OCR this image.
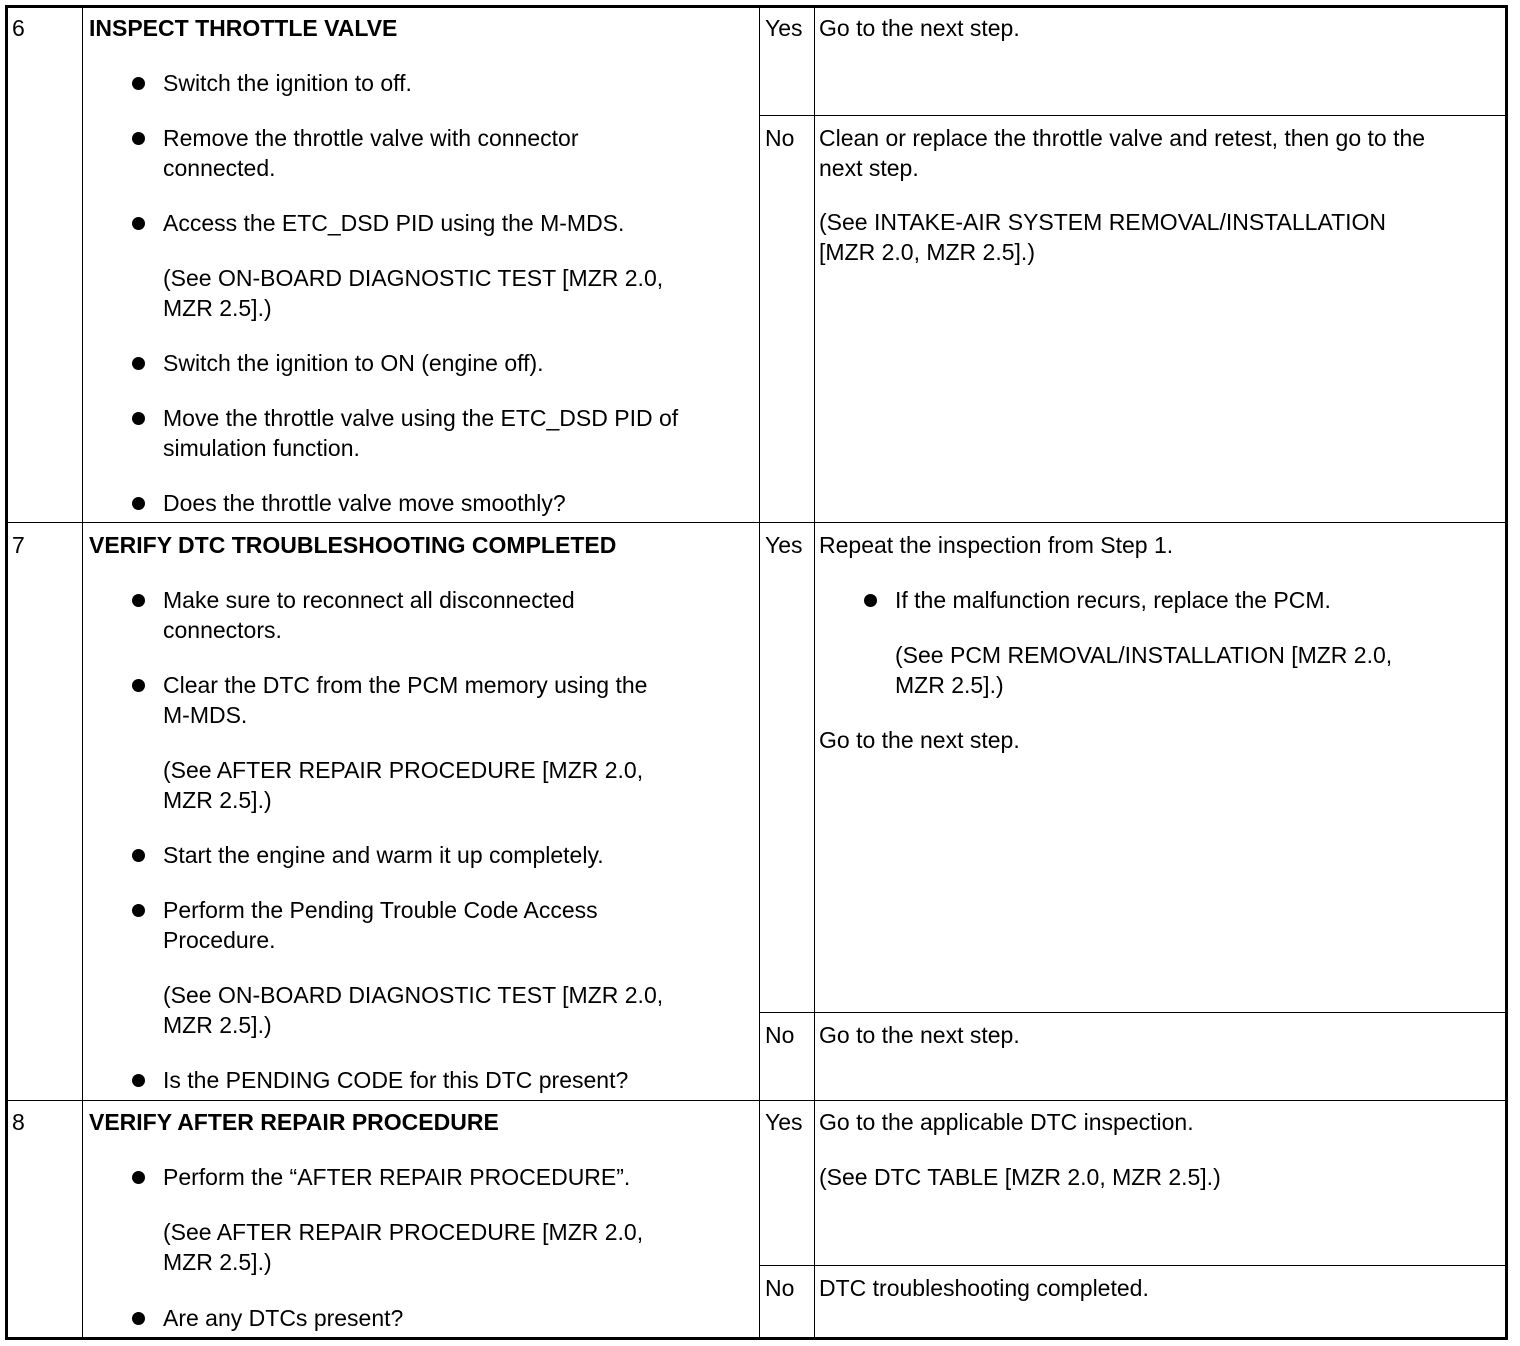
6	INSPECT THROTTLE VALVE
Switch the ignition to off.
Remove the throttle valve with connector
connected.
Access the ETC_DSD PID using the M-MDS.
(See ON-BOARD DIAGNOSTIC TEST [MZR 2.0,
MZR 2.5].)
Switch the ignition to ON (engine off).
Move the throttle valve using the ETC_DSD PID of
simulation function.
Does the throttle valve move smoothly?
Yes Go to the next step.
No Clean or replace the throttle valve and retest, then go to the
next step.
(See INTAKE-AIR SYSTEM REMOVAL/INSTALLATION
[MZR 2.0, MZR 2.5].)
7	VERIFY DTC TROUBLESHOOTING COMPLETED
Make sure to reconnect all disconnected
connectors.
Clear the DTC from the PCM memory using the
M-MDS.
(See AFTER REPAIR PROCEDURE [MZR 2.0,
MZR 2.5].)
Start the engine and warm it up completely.
Perform the Pending Trouble Code Access
Procedure.
(See ON-BOARD DIAGNOSTIC TEST [MZR 2.0,
MZR 2.5].)
Is the PENDING CODE for this DTC present?
Yes Repeat the inspection from Step 1.
If the malfunction recurs, replace the PCM.
(See PCM REMOVAL/INSTALLATION [MZR 2.0,
MZR 2.5].)
Go to the next step.
No Go to the next step.
8	VERIFY AFTER REPAIR PROCEDURE
Perform the “AFTER REPAIR PROCEDURE”.
(See AFTER REPAIR PROCEDURE [MZR 2.0,
MZR 2.5].)
Are any DTCs present?
Yes Go to the applicable DTC inspection.
(See DTC TABLE [MZR 2.0, MZR 2.5].)
No DTC troubleshooting completed.
